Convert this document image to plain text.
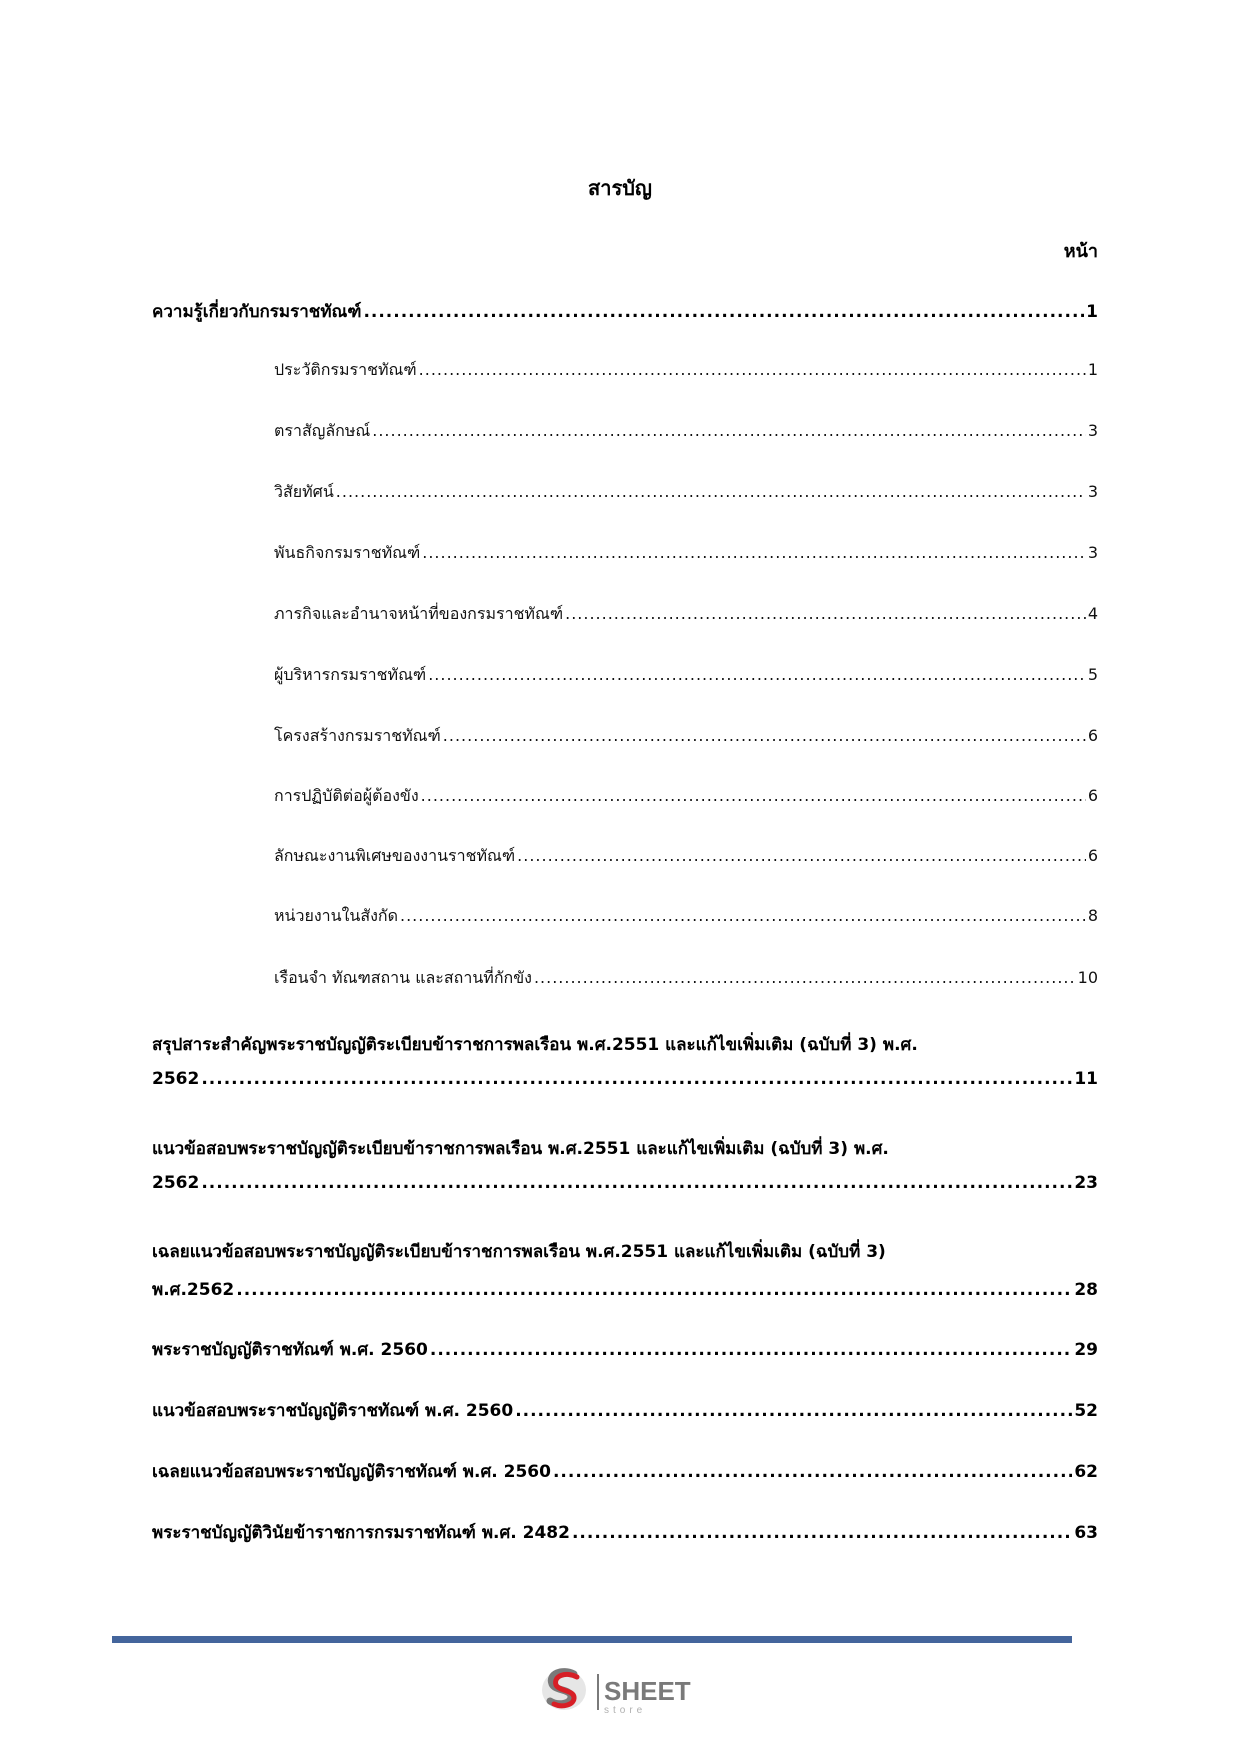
สารบัญ
หน้า
ความรู้เกี่ยวกับกรมราชทัณฑ์ .....	1
ประวัติกรมราชทัณฑ์ .....	1
ตราสัญลักษณ์ .....	3
วิสัยทัศน์ .....	3
พันธกิจกรมราชทัณฑ์ .....	3
ภารกิจและอำนาจหน้าที่ของกรมราชทัณฑ์ .....	4
ผู้บริหารกรมราชทัณฑ์ .....	5
โครงสร้างกรมราชทัณฑ์ .....	6
การปฏิบัติต่อผู้ต้องขัง .....	6
ลักษณะงานพิเศษของงานราชทัณฑ์ .....	6
หน่วยงานในสังกัด .....	8
เรือนจำ ทัณฑสถาน และสถานที่กักขัง .....	10
สรุปสาระสำคัญพระราชบัญญัติระเบียบข้าราชการพลเรือน พ.ศ.2551 และแก้ไขเพิ่มเติม (ฉบับที่ 3) พ.ศ.
2562 .....	11
แนวข้อสอบพระราชบัญญัติระเบียบข้าราชการพลเรือน พ.ศ.2551 และแก้ไขเพิ่มเติม (ฉบับที่ 3) พ.ศ.
2562 .....	23
เฉลยแนวข้อสอบพระราชบัญญัติระเบียบข้าราชการพลเรือน พ.ศ.2551 และแก้ไขเพิ่มเติม (ฉบับที่ 3)
พ.ศ.2562 .....	28
พระราชบัญญัติราชทัณฑ์ พ.ศ. 2560 .....	29
แนวข้อสอบพระราชบัญญัติราชทัณฑ์ พ.ศ. 2560 .....	52
เฉลยแนวข้อสอบพระราชบัญญัติราชทัณฑ์ พ.ศ. 2560 .....	62
พระราชบัญญัติวินัยข้าราชการกรมราชทัณฑ์ พ.ศ. 2482 .....	63
SHEET
store
